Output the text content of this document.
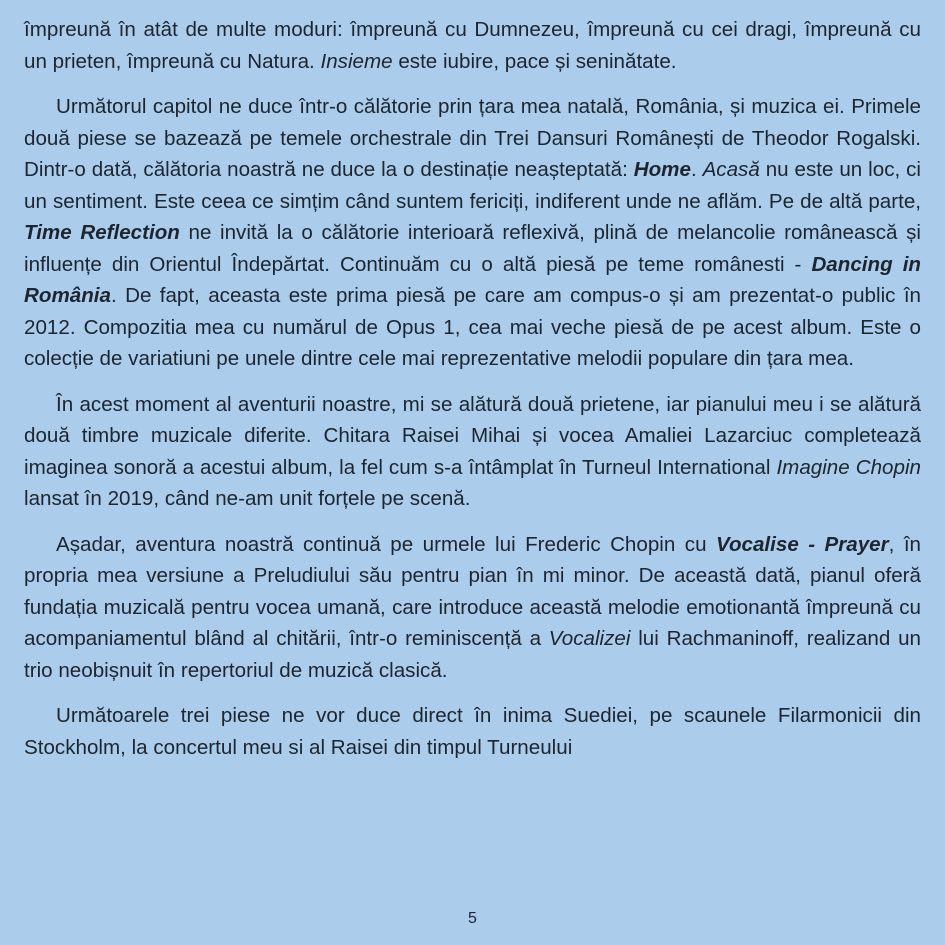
împreună în atât de multe moduri: împreună cu Dumnezeu, împreună cu cei dragi, împreună cu un prieten, împreună cu Natura. Insieme este iubire, pace și seninătate.

Următorul capitol ne duce într-o călătorie prin țara mea natală, România, și muzica ei. Primele două piese se bazează pe temele orchestrale din Trei Dansuri Românești de Theodor Rogalski. Dintr-o dată, călătoria noastră ne duce la o destinație neașteptată: Home. Acasă nu este un loc, ci un sentiment. Este ceea ce simțim când suntem fericiți, indiferent unde ne aflăm. Pe de altă parte, Time Reflection ne invită la o călătorie interioară reflexivă, plină de melancolie românească și influențe din Orientul Îndepărtat. Continuăm cu o altă piesă pe teme românesti - Dancing in România. De fapt, aceasta este prima piesă pe care am compus-o și am prezentat-o public în 2012. Compozitia mea cu numărul de Opus 1, cea mai veche piesă de pe acest album. Este o colecție de variatiuni pe unele dintre cele mai reprezentative melodii populare din țara mea.

În acest moment al aventurii noastre, mi se alătură două prietene, iar pianului meu i se alătură două timbre muzicale diferite. Chitara Raisei Mihai și vocea Amaliei Lazarciuc completează imaginea sonoră a acestui album, la fel cum s-a întâmplat în Turneul International Imagine Chopin lansat în 2019, când ne-am unit forțele pe scenă.

Așadar, aventura noastră continuă pe urmele lui Frederic Chopin cu Vocalise - Prayer, în propria mea versiune a Preludiului său pentru pian în mi minor. De această dată, pianul oferă fundația muzicală pentru vocea umană, care introduce această melodie emotionantă împreună cu acompaniamentul blând al chitării, într-o reminiscență a Vocalizei lui Rachmaninoff, realizand un trio neobișnuit în repertoriul de muzică clasică.

Următoarele trei piese ne vor duce direct în inima Suediei, pe scaunele Filarmonicii din Stockholm, la concertul meu si al Raisei din timpul Turneului

5
